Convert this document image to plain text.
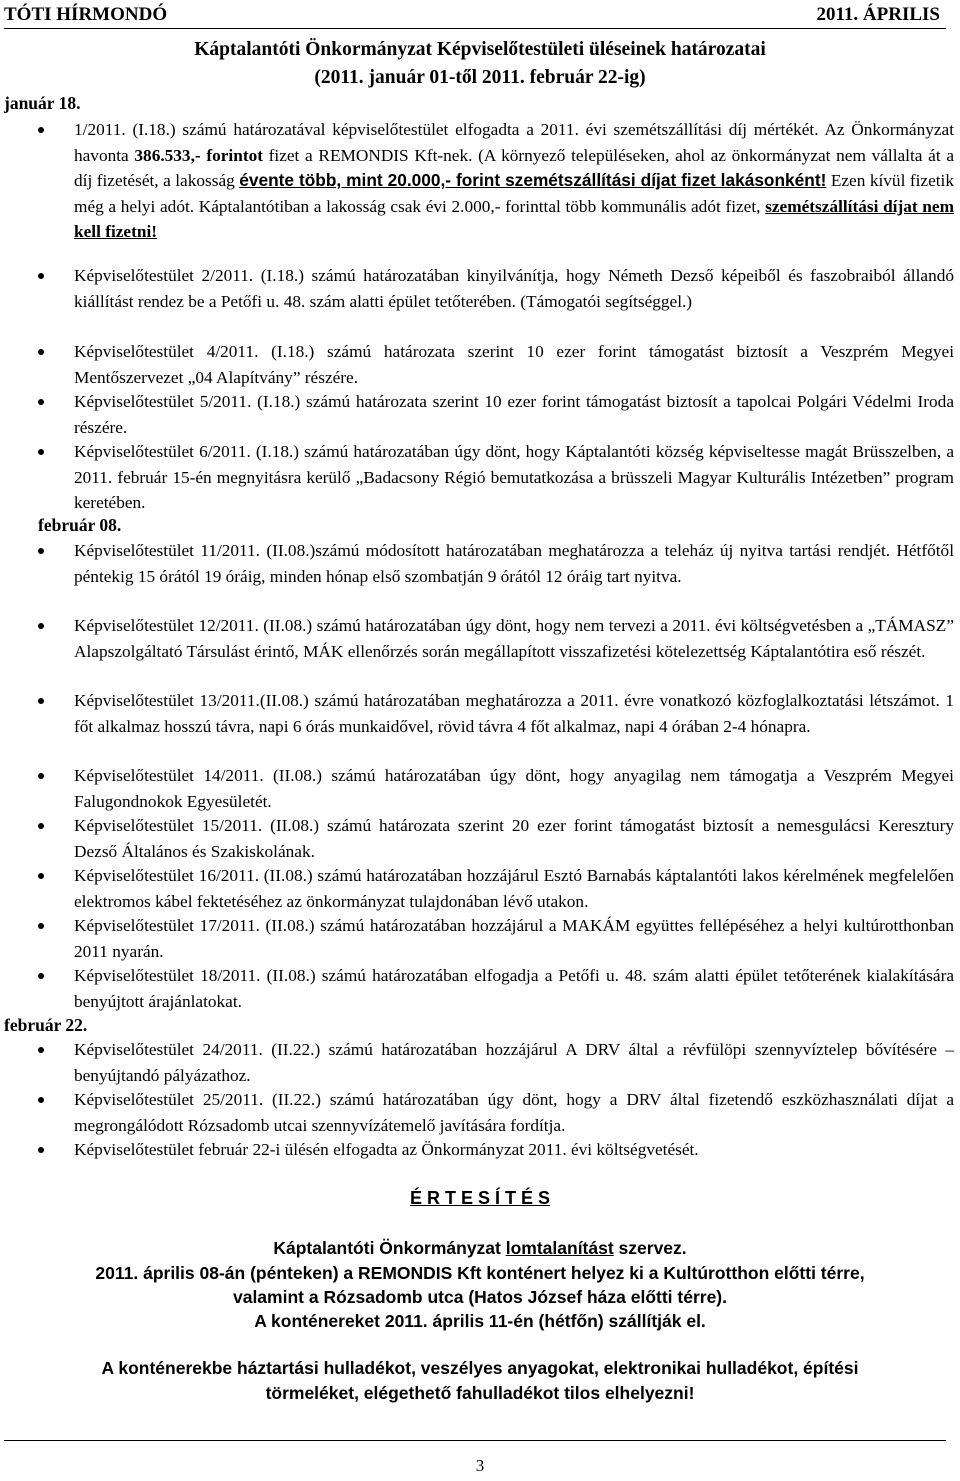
TÓTI HÍRMONDÓ	2011. ÁPRILIS
Káptalantóti Önkormányzat Képviselőtestületi üléseinek határozatai
(2011. január 01-től 2011. február 22-ig)
január 18.
1/2011. (I.18.) számú határozatával képviselőtestület elfogadta a 2011. évi szemétszállítási díj mértékét. Az Önkormányzat havonta 386.533,- forintot fizet a REMONDIS Kft-nek. (A környező településeken, ahol az önkormányzat nem vállalta át a díj fizetését, a lakosság évente több, mint 20.000,- forint szemétszállítási díjat fizet lakásonként! Ezen kívül fizetik még a helyi adót. Káptalantótiban a lakosság csak évi 2.000,- forinttal több kommunális adót fizet, szemétszállítási díjat nem kell fizetni!
Képviselőtestület 2/2011. (I.18.) számú határozatában kinyilvánítja, hogy Németh Dezső képeiből és faszobraiból állandó kiállítást rendez be a Petőfi u. 48. szám alatti épület tetőterében. (Támogatói segítséggel.)
Képviselőtestület 4/2011. (I.18.) számú határozata szerint 10 ezer forint támogatást biztosít a Veszprém Megyei Mentőszervezet „04 Alapítvány” részére.
Képviselőtestület 5/2011. (I.18.) számú határozata szerint 10 ezer forint támogatást biztosít a tapolcai Polgári Védelmi Iroda részére.
Képviselőtestület 6/2011. (I.18.) számú határozatában úgy dönt, hogy Káptalantóti község képviseltesse magát Brüsszelben, a 2011. február 15-én megnyitásra kerülő „Badacsony Régió bemutatkozása a brüsszeli Magyar Kulturális Intézetben” program keretében.
február 08.
Képviselőtestület 11/2011. (II.08.)számú módosított határozatában meghatározza a teleház új nyitva tartási rendjét. Hétfőtől péntekig 15 órától 19 óráig, minden hónap első szombatján 9 órától 12 óráig tart nyitva.
Képviselőtestület 12/2011. (II.08.) számú határozatában úgy dönt, hogy nem tervezi a 2011. évi költségvetésben a „TÁMASZ” Alapszolgáltató Társulást érintő, MÁK ellenőrzés során megállapított visszafizetési kötelezettség Káptalantótira eső részét.
Képviselőtestület 13/2011.(II.08.) számú határozatában meghatározza a 2011. évre vonatkozó közfoglalkoztatási létszámot. 1 főt alkalmaz hosszú távra, napi 6 órás munkaidővel, rövid távra 4 főt alkalmaz, napi 4 órában 2-4 hónapra.
Képviselőtestület 14/2011. (II.08.) számú határozatában úgy dönt, hogy anyagilag nem támogatja a Veszprém Megyei Falugondnokok Egyesületét.
Képviselőtestület 15/2011. (II.08.) számú határozata szerint 20 ezer forint támogatást biztosít a nemesgulácsi Keresztury Dezső Általános és Szakiskolának.
Képviselőtestület 16/2011. (II.08.) számú határozatában hozzájárul Esztó Barnabás káptalantóti lakos kérelmének megfelelően elektromos kábel fektetéséhez az önkormányzat tulajdonában lévő utakon.
Képviselőtestület 17/2011. (II.08.) számú határozatában hozzájárul a MAKÁM együttes fellépéséhez a helyi kultúrotthonban 2011 nyarán.
Képviselőtestület 18/2011. (II.08.) számú határozatában elfogadja a Petőfi u. 48. szám alatti épület tetőterének kialakítására benyújtott árajánlatokat.
február 22.
Képviselőtestület 24/2011. (II.22.) számú határozatában hozzájárul A DRV által a révfülöpi szennyvíztelep bővítésére – benyújtandó pályázathoz.
Képviselőtestület 25/2011. (II.22.) számú határozatában úgy dönt, hogy a DRV által fizetendő eszközhasználati díjat a megrongálódott Rózsadomb utcai szennyvízátemelő javítására fordítja.
Képviselőtestület február 22-i ülésén elfogadta az Önkormányzat 2011. évi költségvetését.
É R T E S Í T É S
Káptalantóti Önkormányzat lomtalanítást szervez.
2011. április 08-án (pénteken) a REMONDIS Kft konténert helyez ki a Kultúrotthon előtti térre,
valamint a Rózsadomb utca (Hatos József háza előtti térre).
A konténereket 2011. április 11-én (hétfőn) szállítják el.
A konténerekbe háztartási hulladékot, veszélyes anyagokat, elektronikai hulladékot, építési
törmeléket, elégethető fahulladékot tilos elhelyezni!
3
